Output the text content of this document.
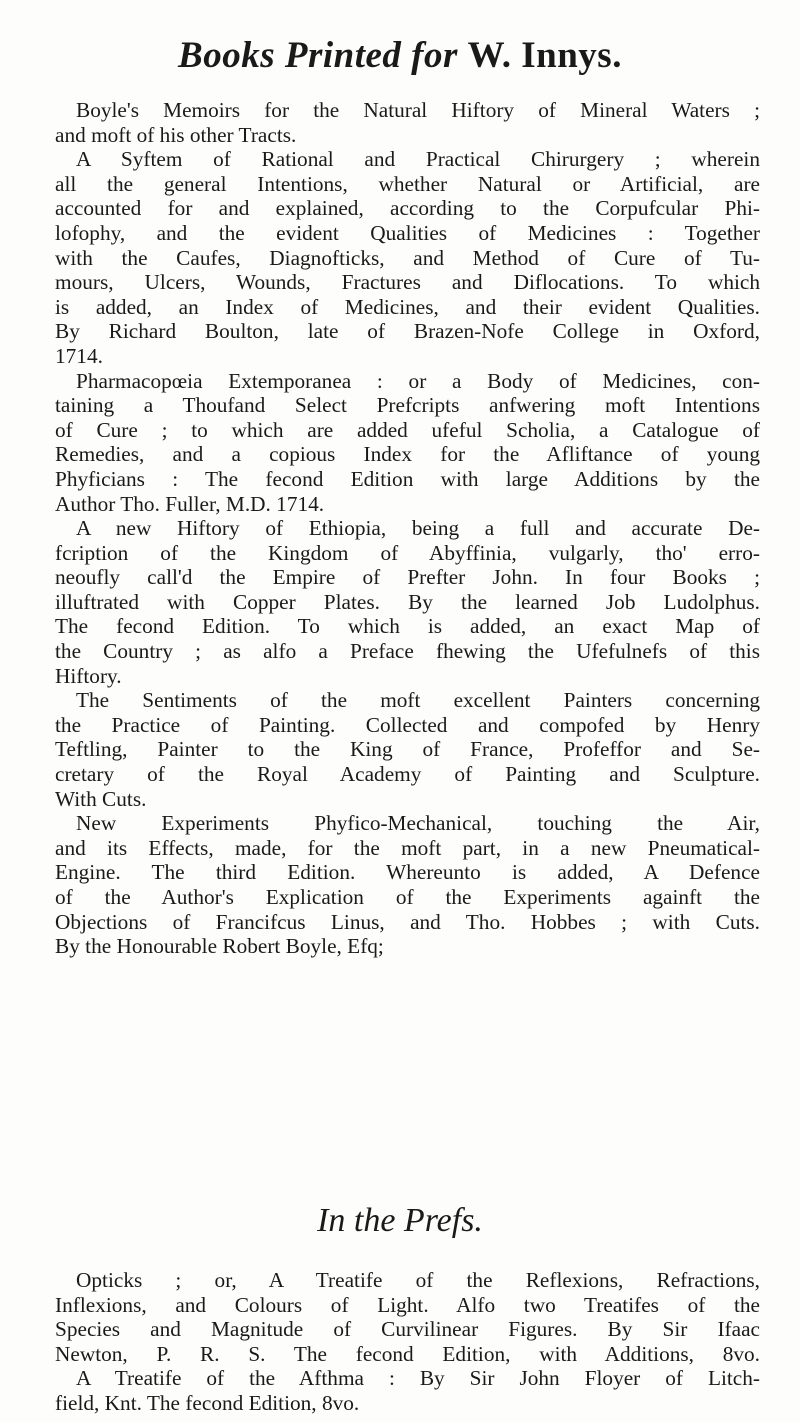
Books Printed for W. Innys.
Boyle's Memoirs for the Natural Hiftory of Mineral Waters ;
and moft of his other Tracts.
A Syftem of Rational and Practical Chirurgery ; wherein
all the general Intentions, whether Natural or Artificial, are
accounted for and explained, according to the Corpufcular Phi-
lofophy, and the evident Qualities of Medicines : Together
with the Caufes, Diagnofticks, and Method of Cure of Tu-
mours, Ulcers, Wounds, Fractures and Diflocations. To which
is added, an Index of Medicines, and their evident Qualities.
By Richard Boulton, late of Brazen-Nofe College in Oxford,
1714.
Pharmacopœia Extemporanea : or a Body of Medicines, con-
taining a Thoufand Select Prefcripts anfwering moft Intentions
of Cure ; to which are added ufeful Scholia, a Catalogue of
Remedies, and a copious Index for the Afliftance of young
Phyficians : The fecond Edition with large Additions by the
Author Tho. Fuller, M.D. 1714.
A new Hiftory of Ethiopia, being a full and accurate De-
fcription of the Kingdom of Abyffinia, vulgarly, tho' erro-
neoufly call'd the Empire of Prefter John. In four Books ;
illuftrated with Copper Plates. By the learned Job Ludolphus.
The fecond Edition. To which is added, an exact Map of
the Country ; as alfo a Preface fhewing the Ufefulnefs of this
Hiftory.
The Sentiments of the moft excellent Painters concerning
the Practice of Painting. Collected and compofed by Henry
Teftling, Painter to the King of France, Profeffor and Se-
cretary of the Royal Academy of Painting and Sculpture.
With Cuts.
New Experiments Phyfico-Mechanical, touching the Air,
and its Effects, made, for the moft part, in a new Pneumatical-
Engine. The third Edition. Whereunto is added, A Defence
of the Author's Explication of the Experiments againft the
Objections of Francifcus Linus, and Tho. Hobbes ; with Cuts.
By the Honourable Robert Boyle, Efq;
In the Prefs.
Opticks ; or, A Treatife of the Reflexions, Refractions,
Inflexions, and Colours of Light. Alfo two Treatifes of the
Species and Magnitude of Curvilinear Figures. By Sir Ifaac
Newton, P. R. S. The fecond Edition, with Additions, 8vo.
A Treatife of the Afthma : By Sir John Floyer of Litch-
field, Knt. The fecond Edition, 8vo.
